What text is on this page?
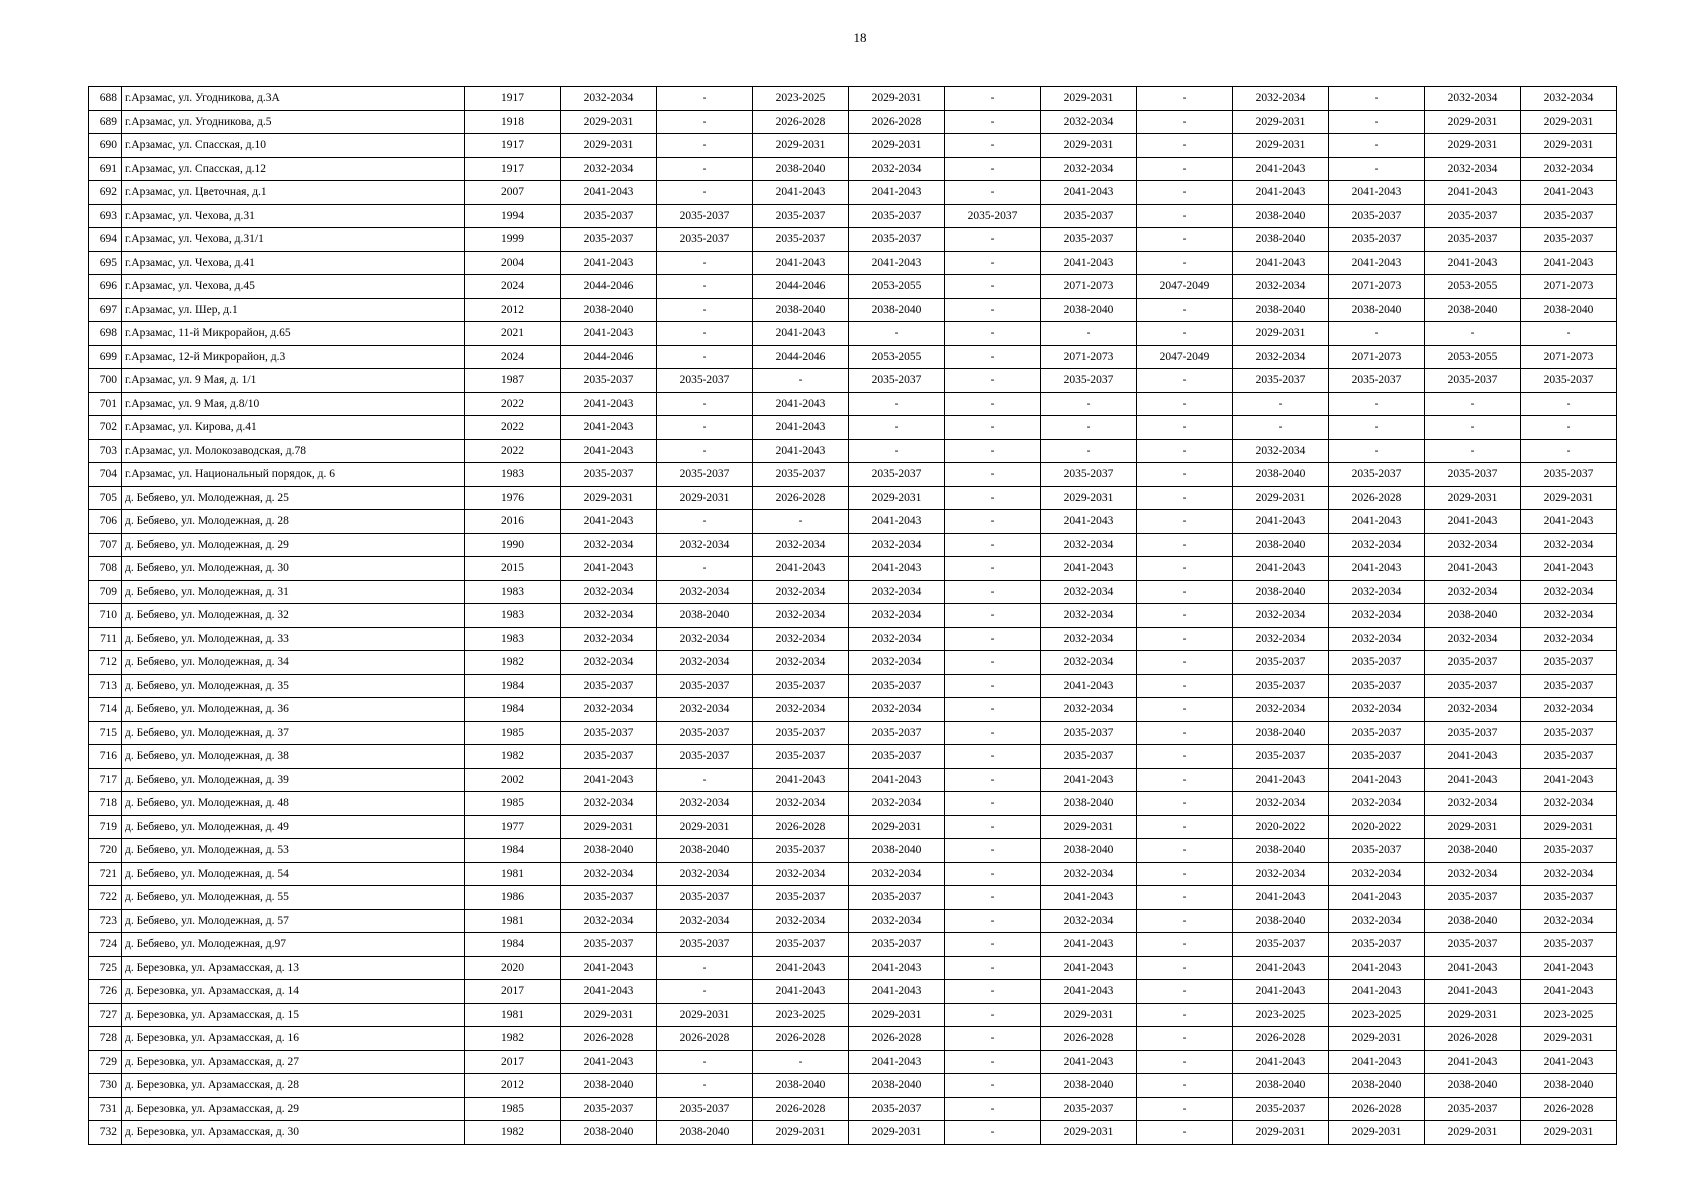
18
688	г.Арзамас, ул. Угодникова, д.3А	1917	2032-2034	-	2023-2025	2029-2031	-	2029-2031	-	2032-2034	-	2032-2034	2032-2034
689	г.Арзамас, ул. Угодникова, д.5	1918	2029-2031	-	2026-2028	2026-2028	-	2032-2034	-	2029-2031	-	2029-2031	2029-2031
690	г.Арзамас, ул. Спасская, д.10	1917	2029-2031	-	2029-2031	2029-2031	-	2029-2031	-	2029-2031	-	2029-2031	2029-2031
691	г.Арзамас, ул. Спасская, д.12	1917	2032-2034	-	2038-2040	2032-2034	-	2032-2034	-	2041-2043	-	2032-2034	2032-2034
692	г.Арзамас, ул. Цветочная, д.1	2007	2041-2043	-	2041-2043	2041-2043	-	2041-2043	-	2041-2043	2041-2043	2041-2043	2041-2043
693	г.Арзамас, ул. Чехова, д.31	1994	2035-2037	2035-2037	2035-2037	2035-2037	2035-2037	2035-2037	-	2038-2040	2035-2037	2035-2037	2035-2037
694	г.Арзамас, ул. Чехова, д.31/1	1999	2035-2037	2035-2037	2035-2037	2035-2037	-	2035-2037	-	2038-2040	2035-2037	2035-2037	2035-2037
695	г.Арзамас, ул. Чехова, д.41	2004	2041-2043	-	2041-2043	2041-2043	-	2041-2043	-	2041-2043	2041-2043	2041-2043	2041-2043
696	г.Арзамас, ул. Чехова, д.45	2024	2044-2046	-	2044-2046	2053-2055	-	2071-2073	2047-2049	2032-2034	2071-2073	2053-2055	2071-2073
697	г.Арзамас, ул. Шер, д.1	2012	2038-2040	-	2038-2040	2038-2040	-	2038-2040	-	2038-2040	2038-2040	2038-2040	2038-2040
698	г.Арзамас, 11-й Микрорайон, д.65	2021	2041-2043	-	2041-2043	-	-	-	-	2029-2031	-	-	-
699	г.Арзамас, 12-й Микрорайон, д.3	2024	2044-2046	-	2044-2046	2053-2055	-	2071-2073	2047-2049	2032-2034	2071-2073	2053-2055	2071-2073
700	г.Арзамас, ул. 9 Мая, д. 1/1	1987	2035-2037	2035-2037	-	2035-2037	-	2035-2037	-	2035-2037	2035-2037	2035-2037	2035-2037
701	г.Арзамас, ул. 9 Мая, д.8/10	2022	2041-2043	-	2041-2043	-	-	-	-	-	-	-	-
702	г.Арзамас, ул. Кирова, д.41	2022	2041-2043	-	2041-2043	-	-	-	-	-	-	-	-
703	г.Арзамас, ул. Молокозаводская, д.78	2022	2041-2043	-	2041-2043	-	-	-	-	2032-2034	-	-	-
704	г.Арзамас, ул. Национальный порядок, д. 6	1983	2035-2037	2035-2037	2035-2037	2035-2037	-	2035-2037	-	2038-2040	2035-2037	2035-2037	2035-2037
705	д. Бебяево, ул. Молодежная, д. 25	1976	2029-2031	2029-2031	2026-2028	2029-2031	-	2029-2031	-	2029-2031	2026-2028	2029-2031	2029-2031
706	д. Бебяево, ул. Молодежная, д. 28	2016	2041-2043	-	-	2041-2043	-	2041-2043	-	2041-2043	2041-2043	2041-2043	2041-2043
707	д. Бебяево, ул. Молодежная, д. 29	1990	2032-2034	2032-2034	2032-2034	2032-2034	-	2032-2034	-	2038-2040	2032-2034	2032-2034	2032-2034
708	д. Бебяево, ул. Молодежная, д. 30	2015	2041-2043	-	2041-2043	2041-2043	-	2041-2043	-	2041-2043	2041-2043	2041-2043	2041-2043
709	д. Бебяево, ул. Молодежная, д. 31	1983	2032-2034	2032-2034	2032-2034	2032-2034	-	2032-2034	-	2038-2040	2032-2034	2032-2034	2032-2034
710	д. Бебяево, ул. Молодежная, д. 32	1983	2032-2034	2038-2040	2032-2034	2032-2034	-	2032-2034	-	2032-2034	2032-2034	2038-2040	2032-2034
711	д. Бебяево, ул. Молодежная, д. 33	1983	2032-2034	2032-2034	2032-2034	2032-2034	-	2032-2034	-	2032-2034	2032-2034	2032-2034	2032-2034
712	д. Бебяево, ул. Молодежная, д. 34	1982	2032-2034	2032-2034	2032-2034	2032-2034	-	2032-2034	-	2035-2037	2035-2037	2035-2037	2035-2037
713	д. Бебяево, ул. Молодежная, д. 35	1984	2035-2037	2035-2037	2035-2037	2035-2037	-	2041-2043	-	2035-2037	2035-2037	2035-2037	2035-2037
714	д. Бебяево, ул. Молодежная, д. 36	1984	2032-2034	2032-2034	2032-2034	2032-2034	-	2032-2034	-	2032-2034	2032-2034	2032-2034	2032-2034
715	д. Бебяево, ул. Молодежная, д. 37	1985	2035-2037	2035-2037	2035-2037	2035-2037	-	2035-2037	-	2038-2040	2035-2037	2035-2037	2035-2037
716	д. Бебяево, ул. Молодежная, д. 38	1982	2035-2037	2035-2037	2035-2037	2035-2037	-	2035-2037	-	2035-2037	2035-2037	2041-2043	2035-2037
717	д. Бебяево, ул. Молодежная, д. 39	2002	2041-2043	-	2041-2043	2041-2043	-	2041-2043	-	2041-2043	2041-2043	2041-2043	2041-2043
718	д. Бебяево, ул. Молодежная, д. 48	1985	2032-2034	2032-2034	2032-2034	2032-2034	-	2038-2040	-	2032-2034	2032-2034	2032-2034	2032-2034
719	д. Бебяево, ул. Молодежная, д. 49	1977	2029-2031	2029-2031	2026-2028	2029-2031	-	2029-2031	-	2020-2022	2020-2022	2029-2031	2029-2031
720	д. Бебяево, ул. Молодежная, д. 53	1984	2038-2040	2038-2040	2035-2037	2038-2040	-	2038-2040	-	2038-2040	2035-2037	2038-2040	2035-2037
721	д. Бебяево, ул. Молодежная, д. 54	1981	2032-2034	2032-2034	2032-2034	2032-2034	-	2032-2034	-	2032-2034	2032-2034	2032-2034	2032-2034
722	д. Бебяево, ул. Молодежная, д. 55	1986	2035-2037	2035-2037	2035-2037	2035-2037	-	2041-2043	-	2041-2043	2041-2043	2035-2037	2035-2037
723	д. Бебяево, ул. Молодежная, д. 57	1981	2032-2034	2032-2034	2032-2034	2032-2034	-	2032-2034	-	2038-2040	2032-2034	2038-2040	2032-2034
724	д. Бебяево, ул. Молодежная, д.97	1984	2035-2037	2035-2037	2035-2037	2035-2037	-	2041-2043	-	2035-2037	2035-2037	2035-2037	2035-2037
725	д. Березовка, ул. Арзамасская, д. 13	2020	2041-2043	-	2041-2043	2041-2043	-	2041-2043	-	2041-2043	2041-2043	2041-2043	2041-2043
726	д. Березовка, ул. Арзамасская, д. 14	2017	2041-2043	-	2041-2043	2041-2043	-	2041-2043	-	2041-2043	2041-2043	2041-2043	2041-2043
727	д. Березовка, ул. Арзамасская, д. 15	1981	2029-2031	2029-2031	2023-2025	2029-2031	-	2029-2031	-	2023-2025	2023-2025	2029-2031	2023-2025
728	д. Березовка, ул. Арзамасская, д. 16	1982	2026-2028	2026-2028	2026-2028	2026-2028	-	2026-2028	-	2026-2028	2029-2031	2026-2028	2029-2031
729	д. Березовка, ул. Арзамасская, д. 27	2017	2041-2043	-	-	2041-2043	-	2041-2043	-	2041-2043	2041-2043	2041-2043	2041-2043
730	д. Березовка, ул. Арзамасская, д. 28	2012	2038-2040	-	2038-2040	2038-2040	-	2038-2040	-	2038-2040	2038-2040	2038-2040	2038-2040
731	д. Березовка, ул. Арзамасская, д. 29	1985	2035-2037	2035-2037	2026-2028	2035-2037	-	2035-2037	-	2035-2037	2026-2028	2035-2037	2026-2028
732	д. Березовка, ул. Арзамасская, д. 30	1982	2038-2040	2038-2040	2029-2031	2029-2031	-	2029-2031	-	2029-2031	2029-2031	2029-2031	2029-2031
